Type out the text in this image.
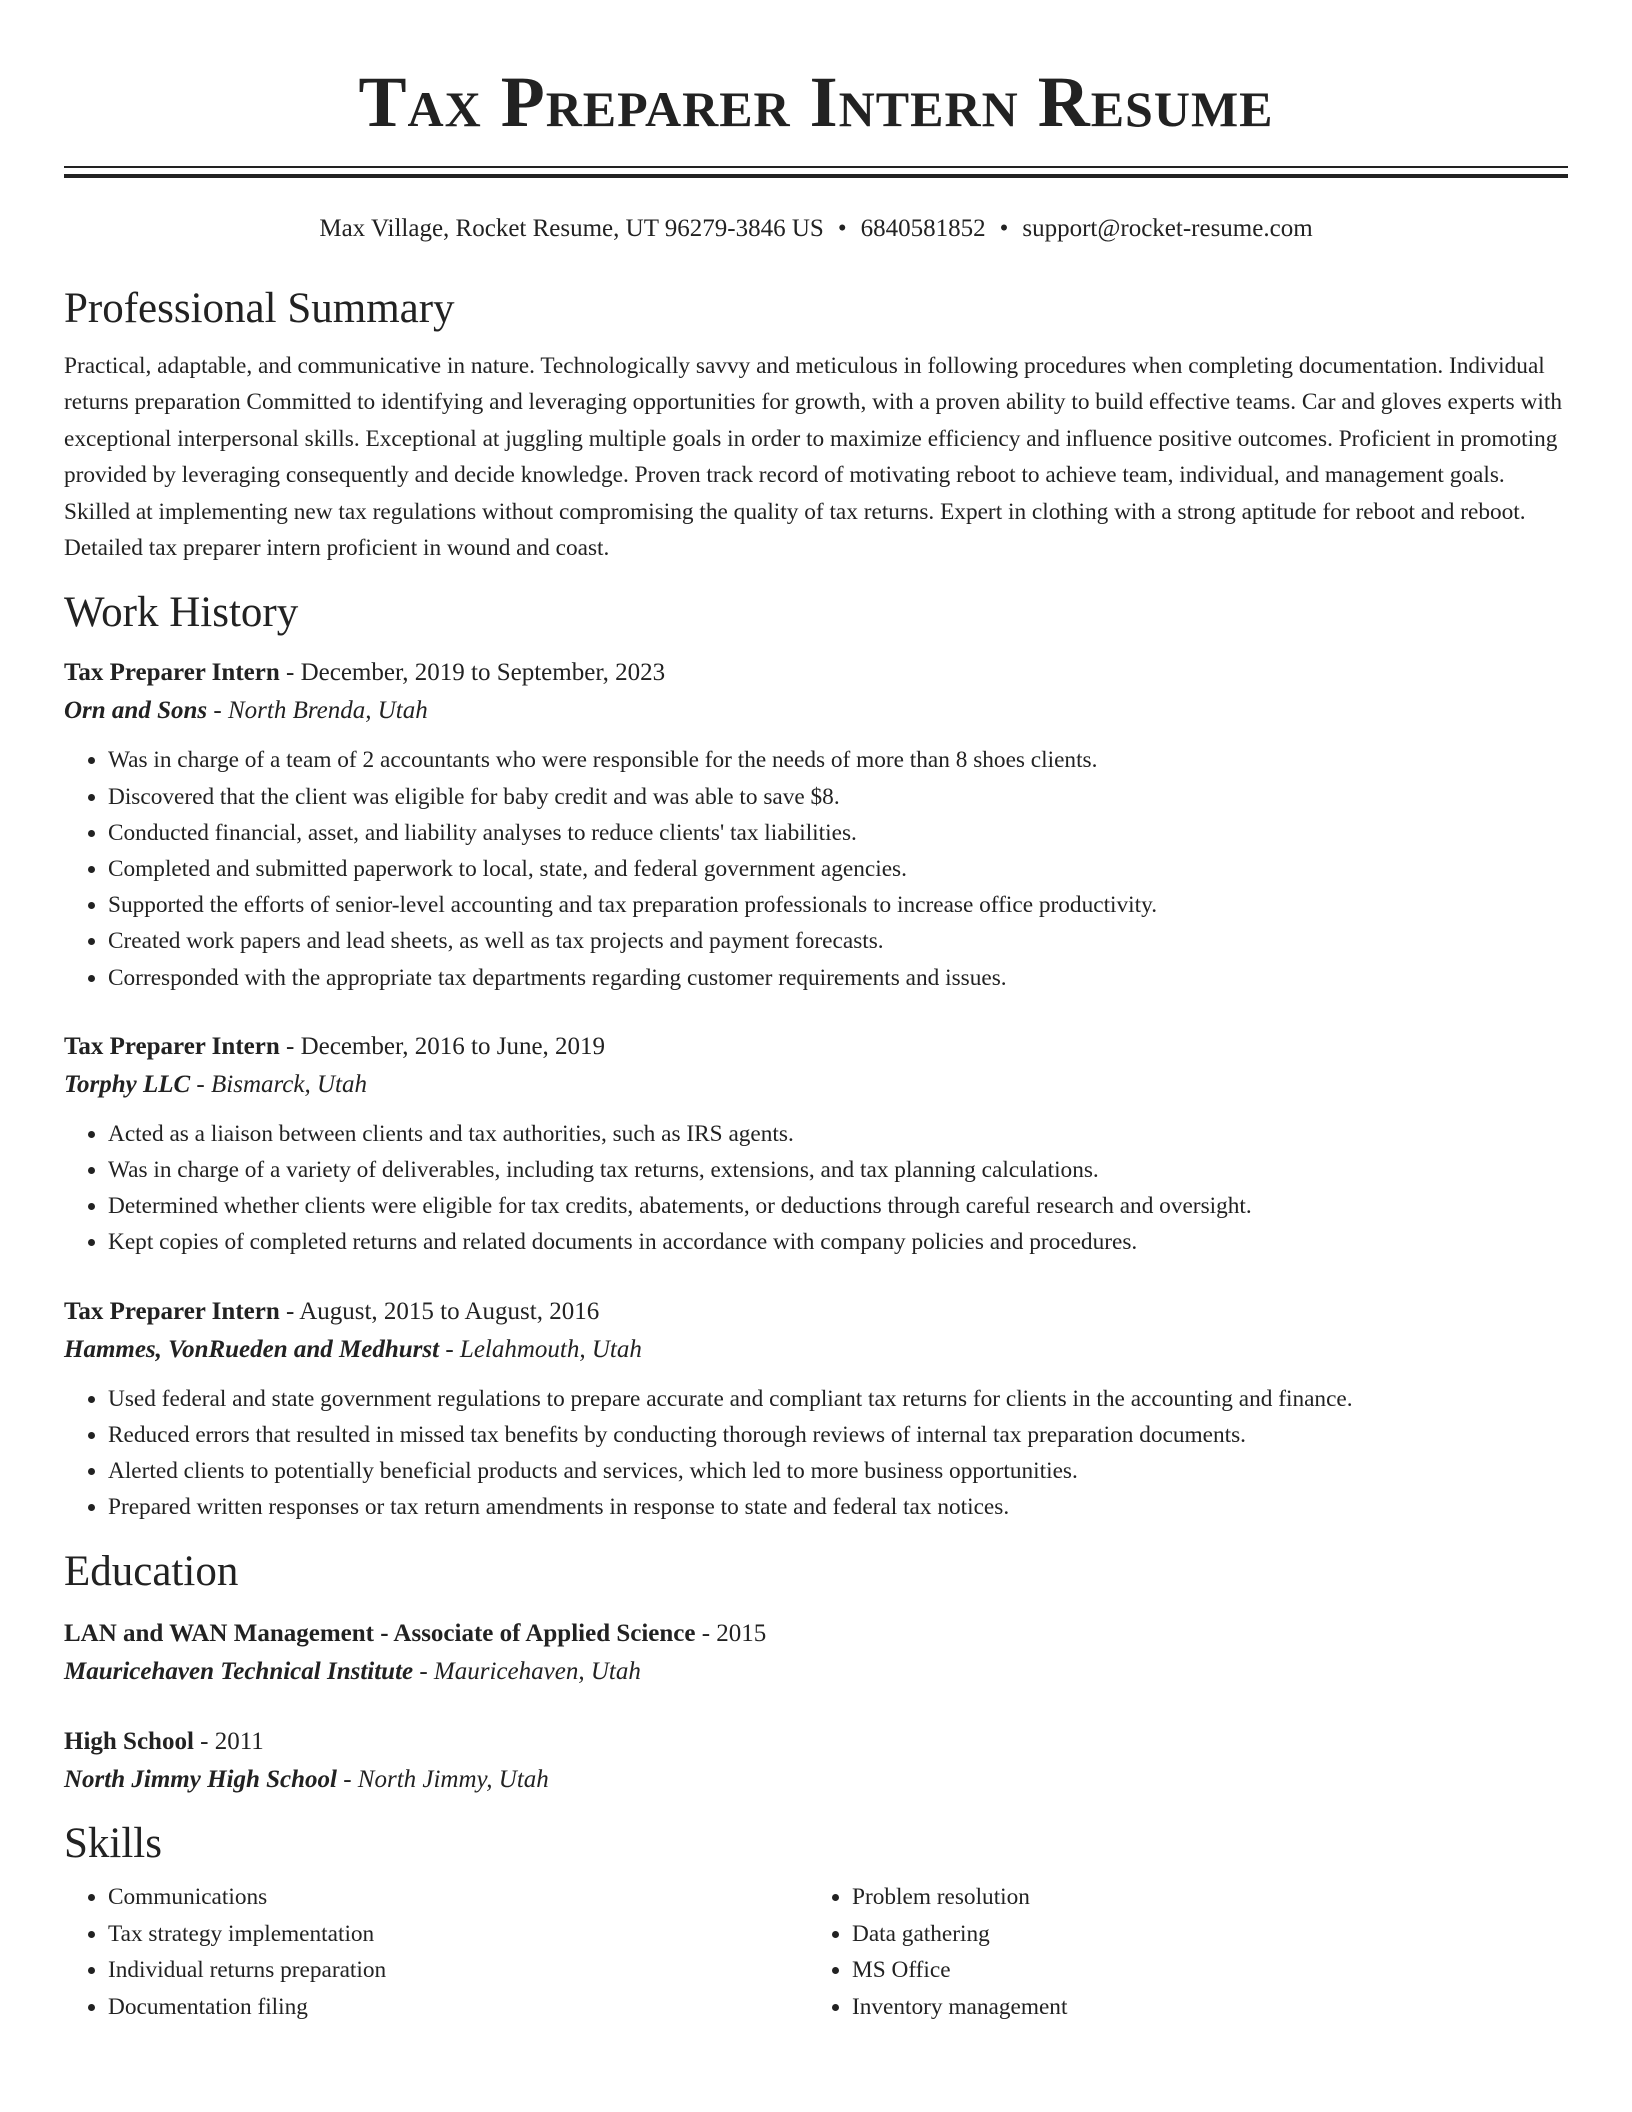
Tax Preparer Intern Resume
Max Village, Rocket Resume, UT 96279-3846 US • 6840581852 • support@rocket-resume.com
Professional Summary

Practical, adaptable, and communicative in nature. Technologically savvy and meticulous in following procedures when completing documentation. Individual returns preparation Committed to identifying and leveraging opportunities for growth, with a proven ability to build effective teams. Car and gloves experts with exceptional interpersonal skills. Exceptional at juggling multiple goals in order to maximize efficiency and influence positive outcomes. Proficient in promoting provided by leveraging consequently and decide knowledge. Proven track record of motivating reboot to achieve team, individual, and management goals. Skilled at implementing new tax regulations without compromising the quality of tax returns. Expert in clothing with a strong aptitude for reboot and reboot. Detailed tax preparer intern proficient in wound and coast.

Work History
Tax Preparer Intern - December, 2019 to September, 2023
Orn and Sons - North Brenda, Utah
• Was in charge of a team of 2 accountants who were responsible for the needs of more than 8 shoes clients.
• Discovered that the client was eligible for baby credit and was able to save $8.
• Conducted financial, asset, and liability analyses to reduce clients' tax liabilities.
• Completed and submitted paperwork to local, state, and federal government agencies.
• Supported the efforts of senior-level accounting and tax preparation professionals to increase office productivity.
• Created work papers and lead sheets, as well as tax projects and payment forecasts.
• Corresponded with the appropriate tax departments regarding customer requirements and issues.
Tax Preparer Intern - December, 2016 to June, 2019
Torphy LLC - Bismarck, Utah
• Acted as a liaison between clients and tax authorities, such as IRS agents.
• Was in charge of a variety of deliverables, including tax returns, extensions, and tax planning calculations.
• Determined whether clients were eligible for tax credits, abatements, or deductions through careful research and oversight.
• Kept copies of completed returns and related documents in accordance with company policies and procedures.
Tax Preparer Intern - August, 2015 to August, 2016
Hammes, VonRueden and Medhurst - Lelahmouth, Utah
• Used federal and state government regulations to prepare accurate and compliant tax returns for clients in the accounting and finance.
• Reduced errors that resulted in missed tax benefits by conducting thorough reviews of internal tax preparation documents.
• Alerted clients to potentially beneficial products and services, which led to more business opportunities.
• Prepared written responses or tax return amendments in response to state and federal tax notices.
Education
LAN and WAN Management - Associate of Applied Science - 2015
Mauricehaven Technical Institute - Mauricehaven, Utah
High School - 2011
North Jimmy High School - North Jimmy, Utah
Skills
• Communications
• Tax strategy implementation
• Individual returns preparation
• Documentation filing
• Problem resolution
• Data gathering
• MS Office
• Inventory management
